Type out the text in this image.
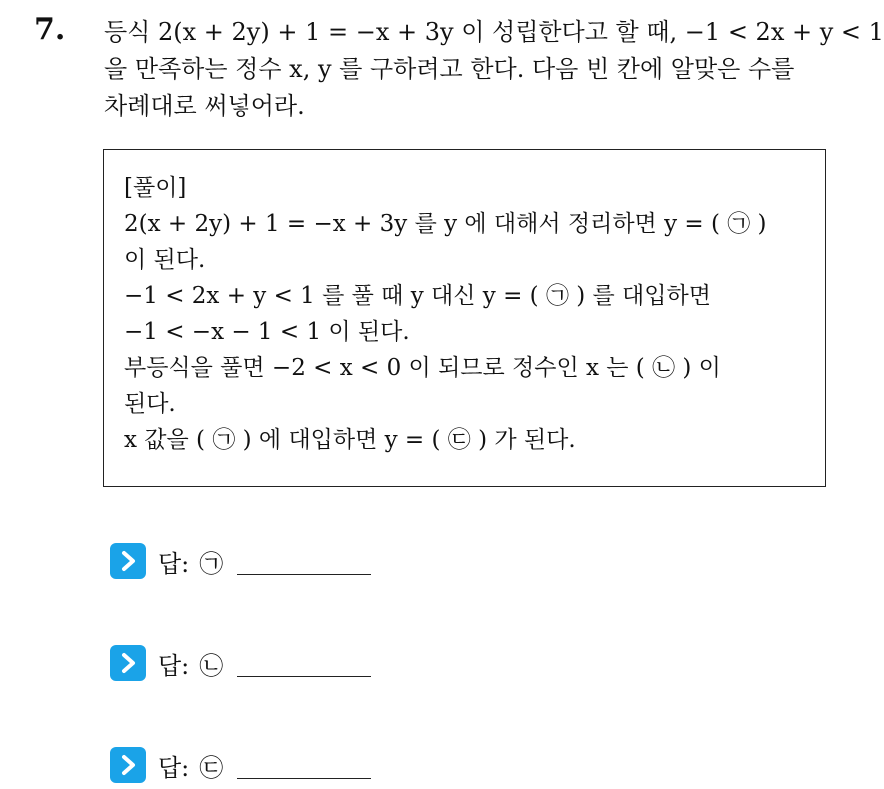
7. 등식 2(x + 2y) + 1 = −x + 3y 이 성립한다고 할 때, −1 < 2x + y < 1
을 만족하는 정수 x, y 를 구하려고 한다. 다음 빈 칸에 알맞은 수를
차례대로 써넣어라.
[풀이]
2(x + 2y) + 1 = −x + 3y 를 y 에 대해서 정리하면 y = ( ㉠ )
이 된다.
−1 < 2x + y < 1 를 풀 때 y 대신 y = ( ㉠ ) 를 대입하면
−1 < −x − 1 < 1 이 된다.
부등식을 풀면 −2 < x < 0 이 되므로 정수인 x 는 ( ㉡ ) 이
된다.
x 값을 ( ㉠ ) 에 대입하면 y = ( ㉢ ) 가 된다.
답: ㉠
답: ㉡
답: ㉢
